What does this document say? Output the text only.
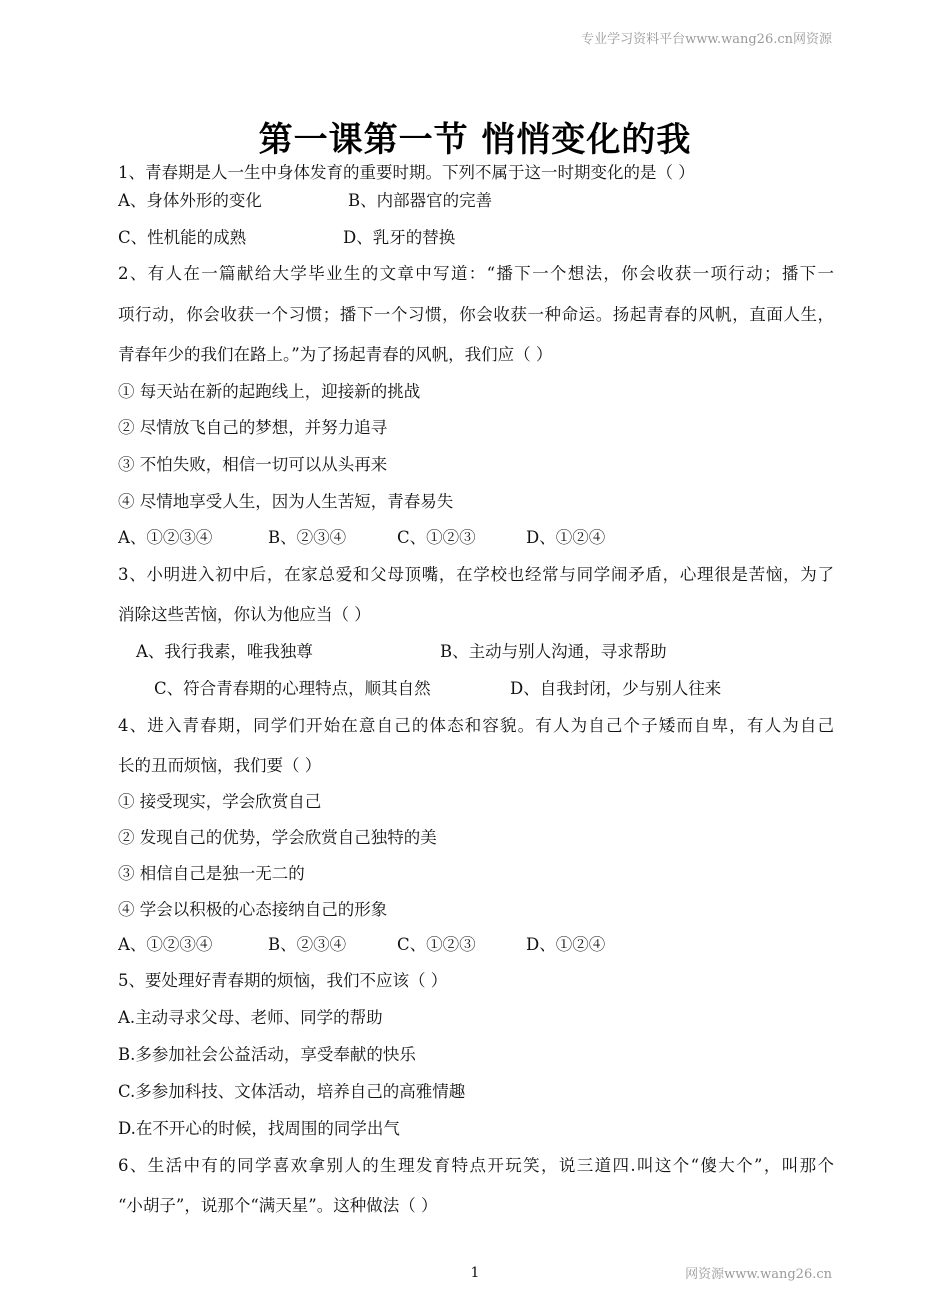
专业学习资料平台www.wang26.cn网资源
第一课第一节 悄悄变化的我
1、青春期是人一生中身体发育的重要时期。下列不属于这一时期变化的是（ ）
A、身体外形的变化	B、内部器官的完善
C、性机能的成熟	D、乳牙的替换
2、有人在一篇献给大学毕业生的文章中写道：“播下一个想法，你会收获一项行动；播下一
项行动，你会收获一个习惯；播下一个习惯，你会收获一种命运。扬起青春的风帆，直面人生，
青春年少的我们在路上。”为了扬起青春的风帆，我们应（ ）
① 每天站在新的起跑线上，迎接新的挑战
② 尽情放飞自己的梦想，并努力追寻
③ 不怕失败，相信一切可以从头再来
④ 尽情地享受人生，因为人生苦短，青春易失
A、①②③④	B、②③④	C、①②③	D、①②④
3、小明进入初中后，在家总爱和父母顶嘴，在学校也经常与同学闹矛盾，心理很是苦恼，为了
消除这些苦恼，你认为他应当（ ）
A、我行我素，唯我独尊	B、主动与别人沟通，寻求帮助
C、符合青春期的心理特点，顺其自然	D、自我封闭，少与别人往来
4、进入青春期，同学们开始在意自己的体态和容貌。有人为自己个子矮而自卑，有人为自己
长的丑而烦恼，我们要（ ）
① 接受现实，学会欣赏自己
② 发现自己的优势，学会欣赏自己独特的美
③ 相信自己是独一无二的
④ 学会以积极的心态接纳自己的形象
A、①②③④	B、②③④	C、①②③	D、①②④
5、要处理好青春期的烦恼，我们不应该（ ）
A.主动寻求父母、老师、同学的帮助
B.多参加社会公益活动，享受奉献的快乐
C.多参加科技、文体活动，培养自己的高雅情趣
D.在不开心的时候，找周围的同学出气
6、生活中有的同学喜欢拿别人的生理发育特点开玩笑，说三道四.叫这个“傻大个”，叫那个
“小胡子”，说那个“满天星”。这种做法（ ）
1	网资源www.wang26.cn
